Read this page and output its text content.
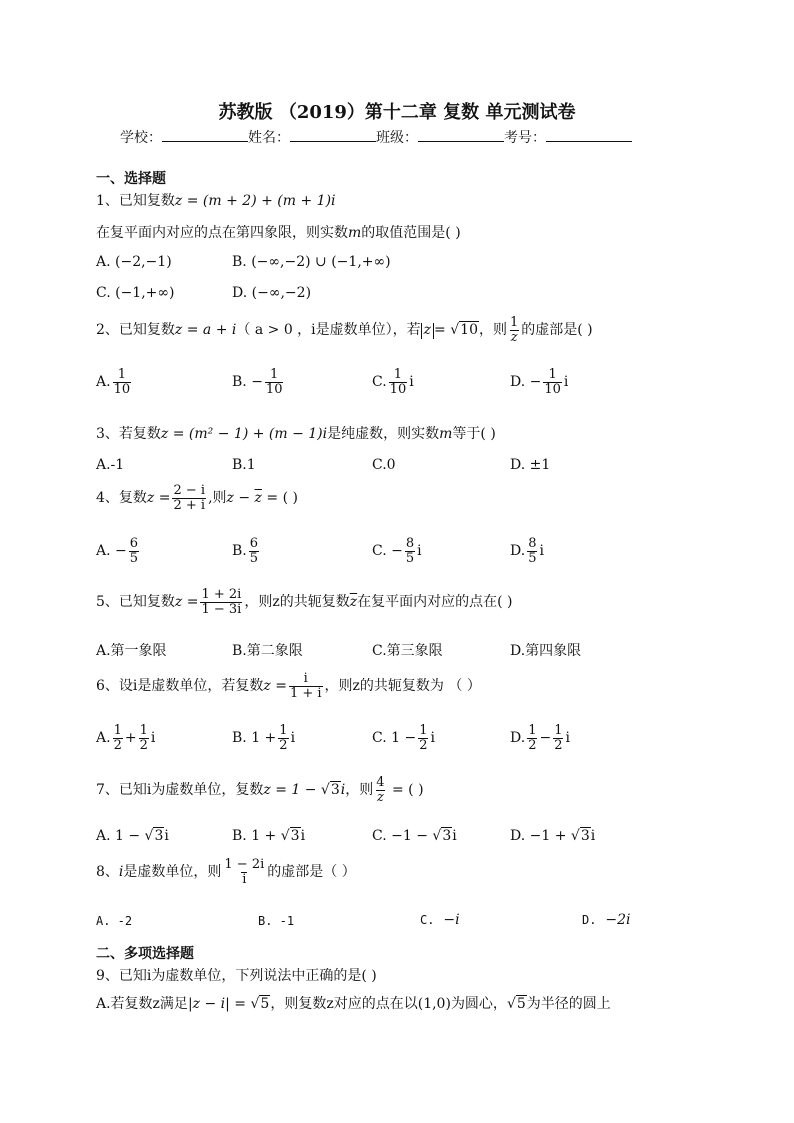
苏教版 （2019）第十二章 复数 单元测试卷
学校：	姓名：	班级：	考号：
一、选择题
1、已知复数z = (m + 2) + (m + 1)i
在复平面内对应的点在第四象限，则实数m的取值范围是( )
A. (−2,−1)	B. (−∞,−2) ∪ (−1,+∞)
C. (−1,+∞)	D. (−∞,−2)
2、已知复数z = a + i（ a > 0 ，i是虚数单位），若 z = √10，则 $\frac{1}{z}$ 的虚部是( )
A. $\frac{1}{10}$	B. − $\frac{1}{10}$	C. $\frac{1}{10}$ i	D. − $\frac{1}{10}$ i
3、若复数z = (m² − 1) + (m − 1)i是纯虚数，则实数m等于( )
A.-1	B.1	C.0	D. ±1
4、复数$z = \frac{2 - i}{2 + i}$ ,则$z - \overline{z}$ = ( )
A. − $\frac{6}{5}$	B. $\frac{6}{5}$	C. − $\frac{8}{5}$ i	D. $\frac{8}{5}$ i
5、已知复数$z = \frac{1 + 2i}{1 - 3i}$ ，则z的共轭复数$\overline{z}$在复平面内对应的点在( )
A.第一象限	B.第二象限	C.第三象限	D.第四象限
6、设i是虚数单位，若复数$z = \frac{i}{1 + i}$ ，则z的共轭复数为 （ ）
A. $\frac{1}{2} + \frac{1}{2}$ i	B. $1 + \frac{1}{2}$ i	C. $1 - \frac{1}{2}$ i	D. $\frac{1}{2} - \frac{1}{2}$ i
7、已知i为虚数单位，复数z = 1 − √3i，则 $\frac{4}{z}$ = ( )
A. 1 − √3i	B. 1 + √3i	C. −1 − √3i	D. −1 + √3i
8、i是虚数单位，则 $\frac{1 - 2i}{i}$ 的虚部是（ ）
A. -2	B. -1	C. −i	D. −2i
二、多项选择题
9、已知i为虚数单位，下列说法中正确的是( )
A.若复数z满足|z − i| = √5，则复数z对应的点在以(1,0)为圆心，√5为半径的圆上
